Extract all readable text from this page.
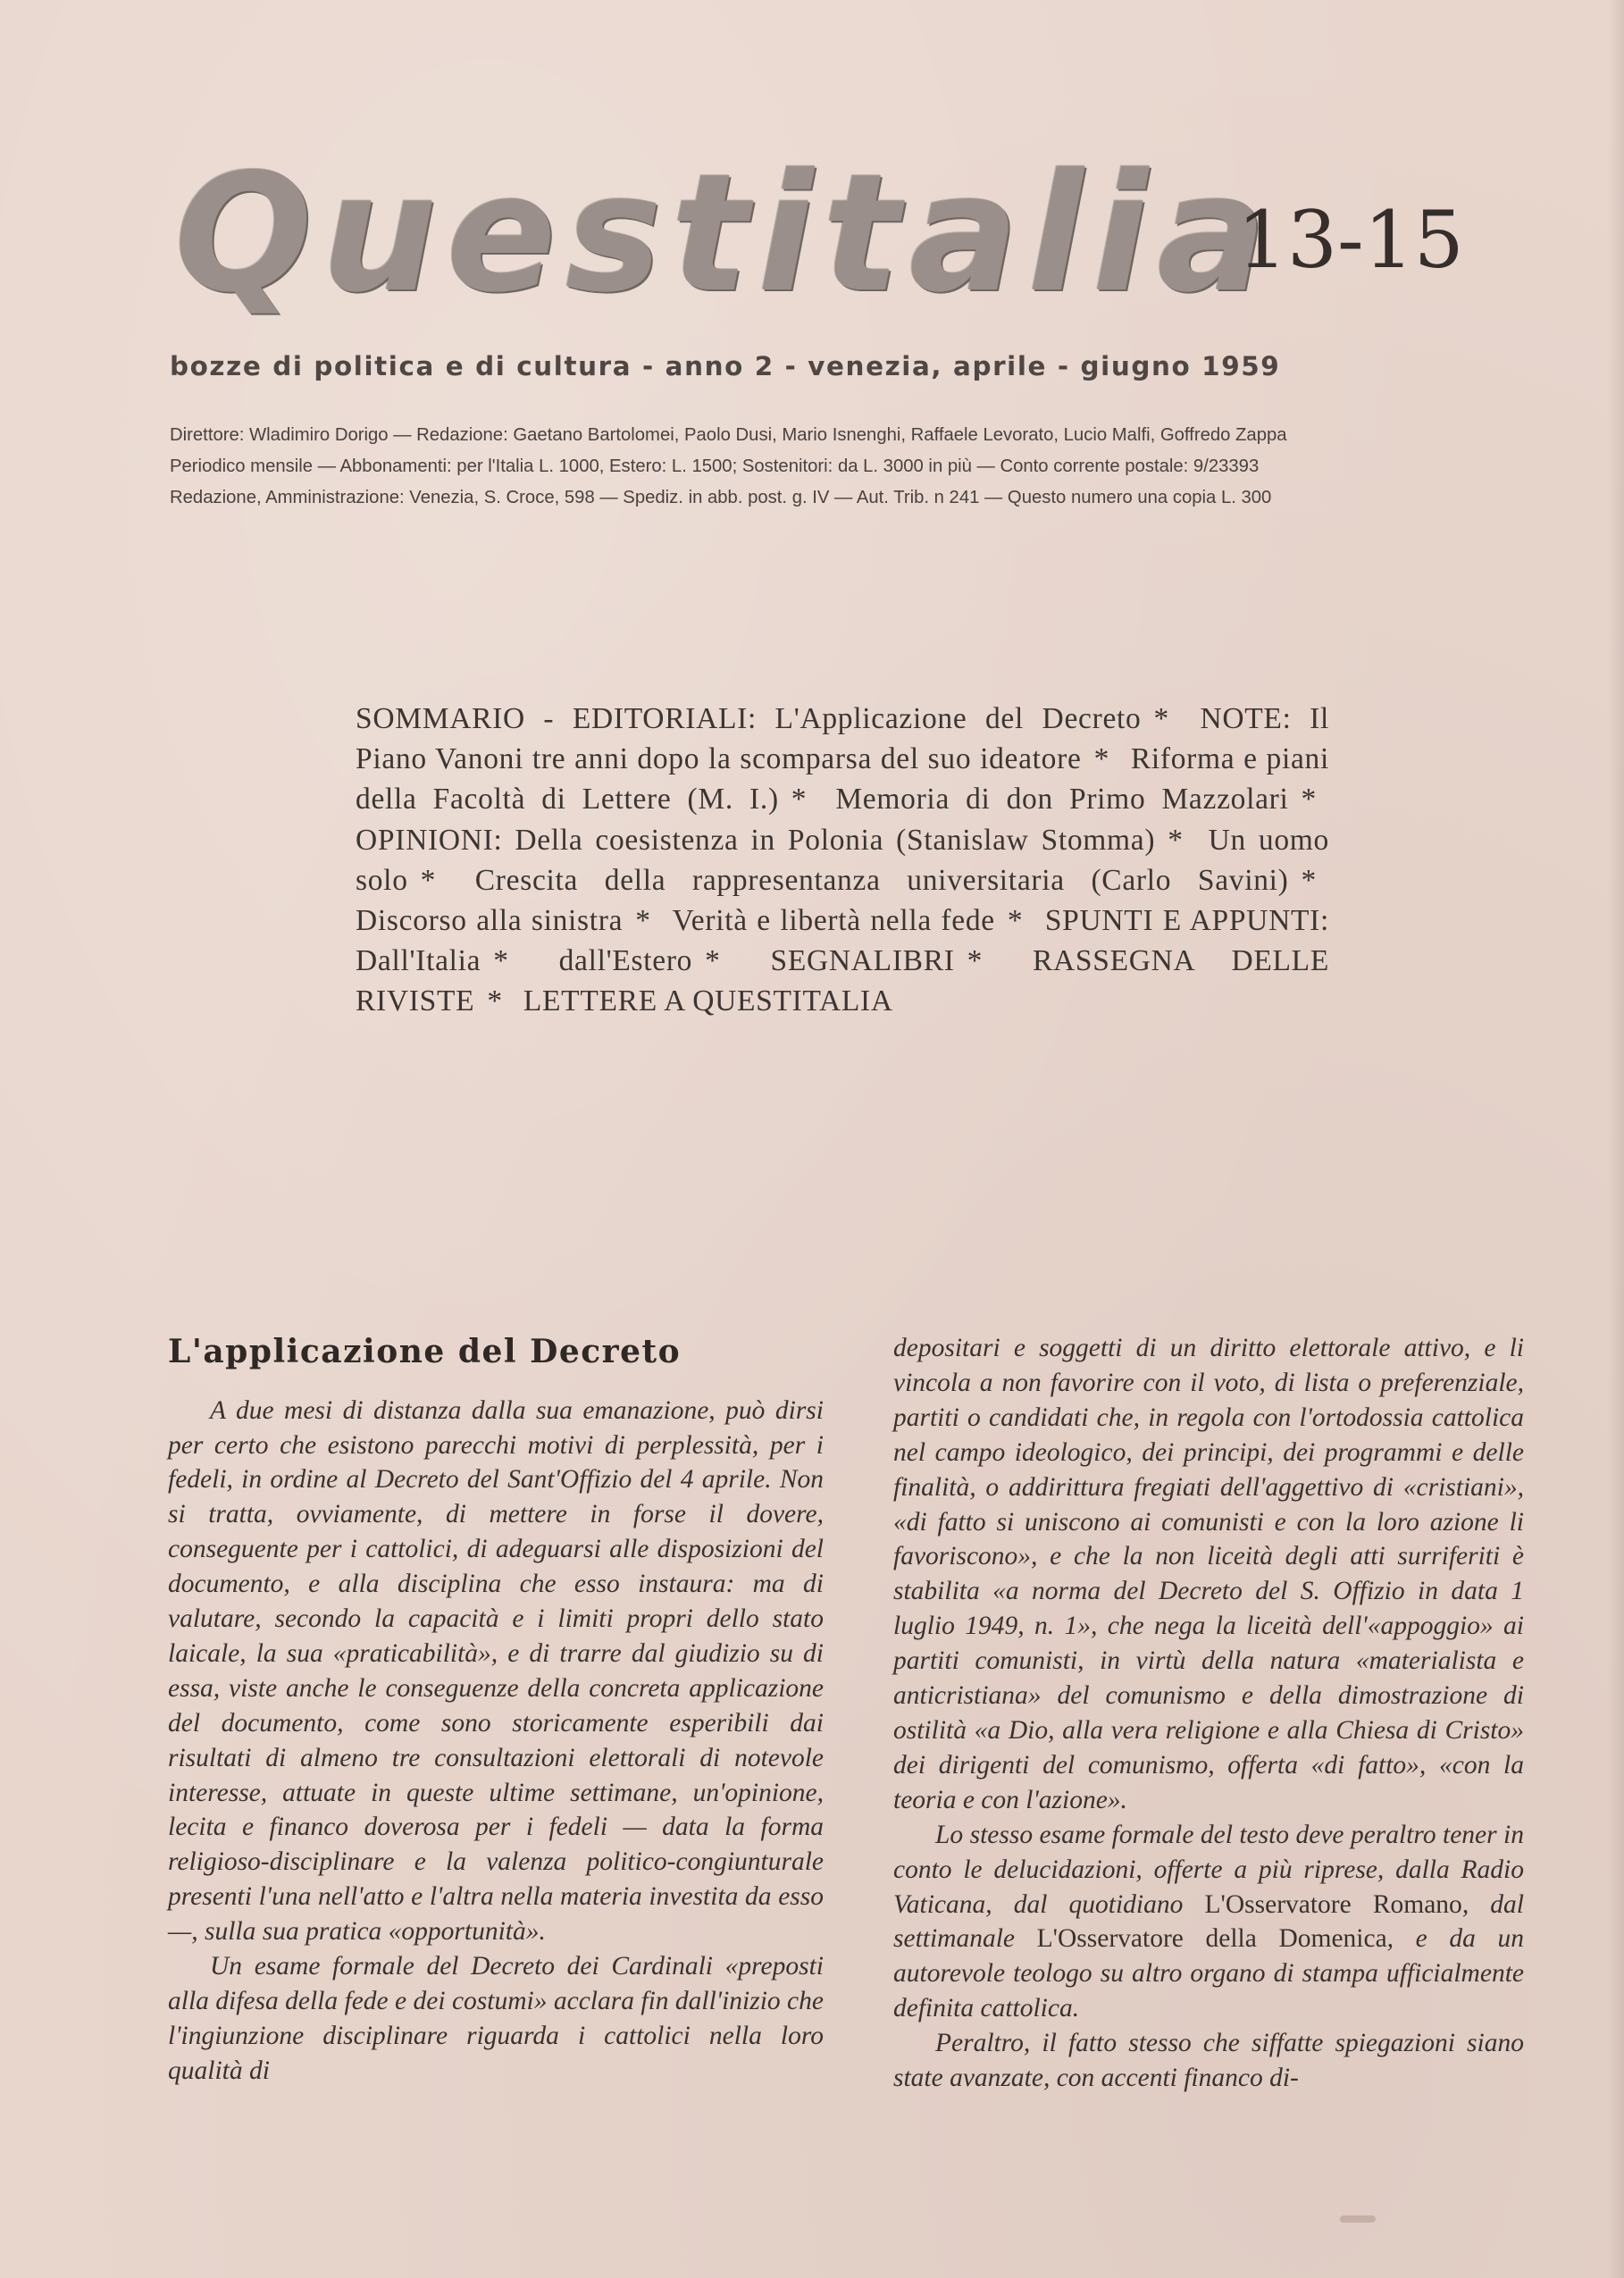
Questitalia
13-15
bozze di politica e di cultura - anno 2 - venezia, aprile - giugno 1959
Direttore: Wladimiro Dorigo — Redazione: Gaetano Bartolomei, Paolo Dusi, Mario Isnenghi, Raffaele Levorato, Lucio Malfi, Goffredo Zappa
Periodico mensile — Abbonamenti: per l'Italia L. 1000, Estero: L. 1500; Sostenitori: da L. 3000 in più — Conto corrente postale: 9/23393
Redazione, Amministrazione: Venezia, S. Croce, 598 — Spediz. in abb. post. g. IV — Aut. Trib. n 241 — Questo numero una copia L. 300
SOMMARIO - EDITORIALI: L'Applicazione del Decreto * NOTE: Il Piano Vanoni tre anni dopo la scomparsa del suo ideatore * Riforma e piani della Facoltà di Lettere (M. I.) * Memoria di don Primo Mazzolari * OPINIONI: Della coesistenza in Polonia (Stanislaw Stomma) * Un uomo solo * Crescita della rappresentanza universitaria (Carlo Savini) * Discorso alla sinistra * Verità e libertà nella fede * SPUNTI E APPUNTI: Dall'Italia * dall'Estero * SEGNALIBRI * RASSEGNA DELLE RIVISTE * LETTERE A QUESTITALIA
L'applicazione del Decreto

A due mesi di distanza dalla sua emanazione, può dirsi per certo che esistono parecchi motivi di perplessità, per i fedeli, in ordine al Decreto del Sant'Offizio del 4 aprile. Non si tratta, ovviamente, di mettere in forse il dovere, conseguente per i cattolici, di adeguarsi alle disposizioni del documento, e alla disciplina che esso instaura: ma di valutare, secondo la capacità e i limiti propri dello stato laicale, la sua «praticabilità», e di trarre dal giudizio su di essa, viste anche le conseguenze della concreta applicazione del documento, come sono storicamente esperibili dai risultati di almeno tre consultazioni elettorali di notevole interesse, attuate in queste ultime settimane, un'opinione, lecita e financo doverosa per i fedeli — data la forma religioso-disciplinare e la valenza politico-congiunturale presenti l'una nell'atto e l'altra nella materia investita da esso —, sulla sua pratica «opportunità».

Un esame formale del Decreto dei Cardinali «preposti alla difesa della fede e dei costumi» acclara fin dall'inizio che l'ingiunzione disciplinare riguarda i cattolici nella loro qualità di

depositari e soggetti di un diritto elettorale attivo, e li vincola a non favorire con il voto, di lista o preferenziale, partiti o candidati che, in regola con l'ortodossia cattolica nel campo ideologico, dei principi, dei programmi e delle finalità, o addirittura fregiati dell'aggettivo di «cristiani», «di fatto si uniscono ai comunisti e con la loro azione li favoriscono», e che la non liceità degli atti surriferiti è stabilita «a norma del Decreto del S. Offizio in data 1 luglio 1949, n. 1», che nega la liceità dell'«appoggio» ai partiti comunisti, in virtù della natura «materialista e anticristiana» del comunismo e della dimostrazione di ostilità «a Dio, alla vera religione e alla Chiesa di Cristo» dei dirigenti del comunismo, offerta «di fatto», «con la teoria e con l'azione».

Lo stesso esame formale del testo deve peraltro tener in conto le delucidazioni, offerte a più riprese, dalla Radio Vaticana, dal quotidiano L'Osservatore Romano, dal settimanale L'Osservatore della Domenica, e da un autorevole teologo su altro organo di stampa ufficialmente definita cattolica.

Peraltro, il fatto stesso che siffatte spiegazioni siano state avanzate, con accenti financo di-
